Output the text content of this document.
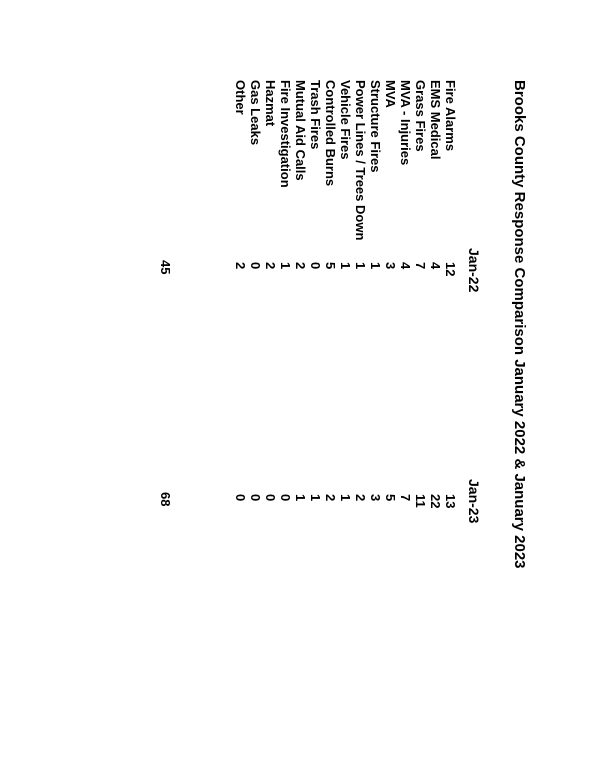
Brooks County Response Comparison January 2022 & January 2023
Jan-22
Jan-23
Fire Alarms
12
13
EMS Medical
4
22
Grass Fires
7
11
MVA - Injuries
4
7
MVA
3
5
Structure Fires
1
3
Power Lines / Trees Down
1
2
Vehicle Fires
1
1
Controlled Burns
5
2
Trash Fires
0
1
Mutual Aid Calls
2
1
Fire Investigation
1
0
Hazmat
2
0
Gas Leaks
0
0
Other
2
0
45
68
